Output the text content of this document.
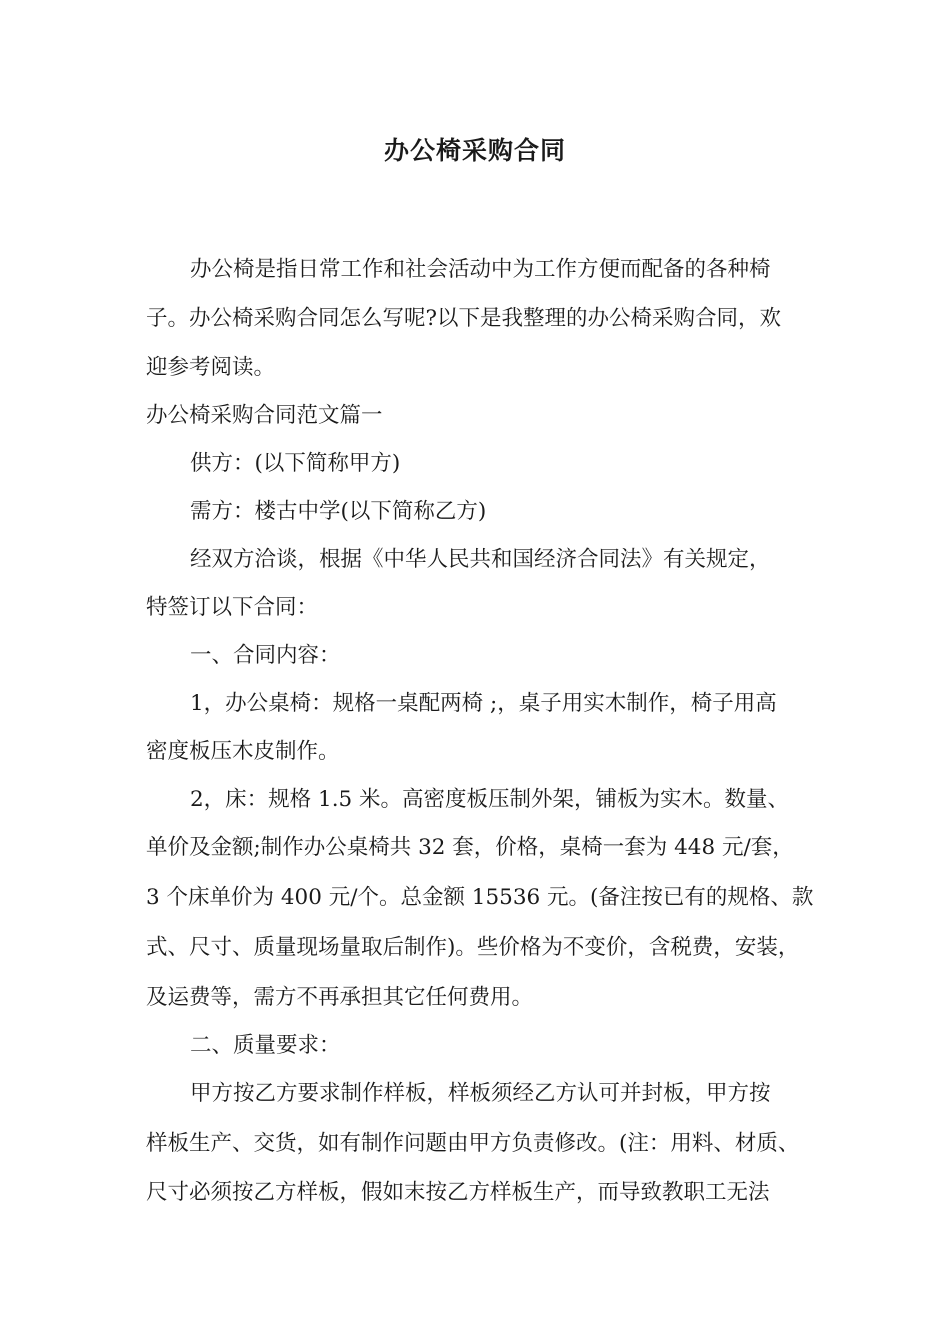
办公椅采购合同
办公椅是指日常工作和社会活动中为工作方便而配备的各种椅
子。办公椅采购合同怎么写呢?以下是我整理的办公椅采购合同，欢
迎参考阅读。
办公椅采购合同范文篇一
供方：(以下简称甲方)
需方：楼古中学(以下简称乙方)
经双方洽谈，根据《中华人民共和国经济合同法》有关规定，
特签订以下合同：
一、合同内容：
1，办公桌椅：规格一桌配两椅 ;，桌子用实木制作，椅子用高
密度板压木皮制作。
2，床：规格 1.5 米。高密度板压制外架，铺板为实木。数量、
单价及金额;制作办公桌椅共 32 套，价格，桌椅一套为 448 元/套，
3 个床单价为 400 元/个。总金额 15536 元。(备注按已有的规格、款
式、尺寸、质量现场量取后制作)。些价格为不变价，含税费，安装，
及运费等，需方不再承担其它任何费用。
二、质量要求：
甲方按乙方要求制作样板，样板须经乙方认可并封板，甲方按
样板生产、交货，如有制作问题由甲方负责修改。(注：用料、材质、
尺寸必须按乙方样板，假如末按乙方样板生产，而导致教职工无法
